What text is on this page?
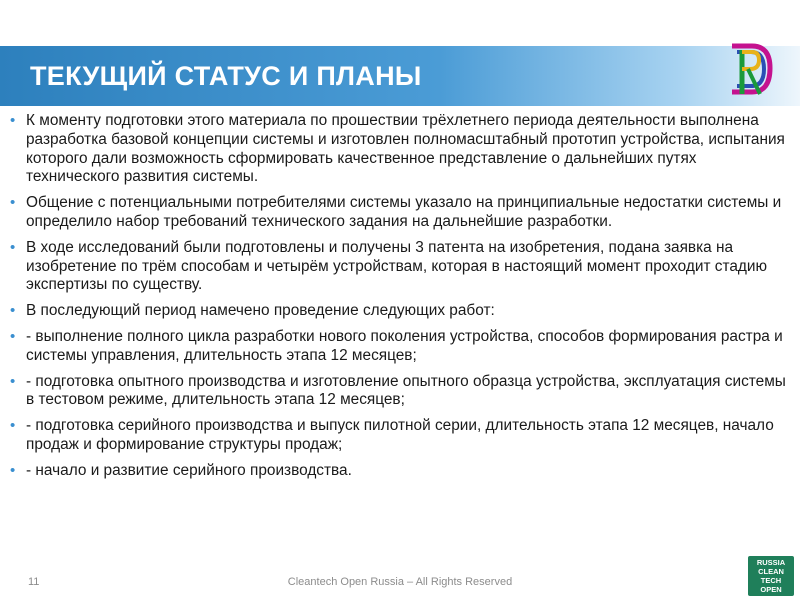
ТЕКУЩИЙ СТАТУС И ПЛАНЫ
• К моменту подготовки этого материала по прошествии трёхлетнего периода деятельности выполнена разработка базовой концепции системы и изготовлен полномасштабный прототип устройства, испытания которого дали возможность сформировать качественное представление о дальнейших путях технического развития системы.
• Общение с потенциальными потребителями системы указало на принципиальные недостатки системы и определило набор требований технического задания на дальнейшие разработки.
• В ходе исследований были подготовлены и получены 3 патента на изобретения, подана заявка на изобретение по трём способам и четырём устройствам, которая в настоящий момент проходит стадию экспертизы по существу.
• В последующий период намечено проведение следующих работ:
• - выполнение полного цикла разработки нового поколения устройства, способов формирования растра и системы управления, длительность этапа 12 месяцев;
• - подготовка опытного производства и изготовление опытного образца устройства, эксплуатация системы в тестовом режиме, длительность этапа 12 месяцев;
• - подготовка серийного производства и выпуск пилотной серии, длительность этапа 12 месяцев, начало продаж и формирование структуры продаж;
• - начало и развитие серийного производства.
11	Cleantech Open Russia – All Rights Reserved
RUSSIA
CLEAN
TECH
OPEN
